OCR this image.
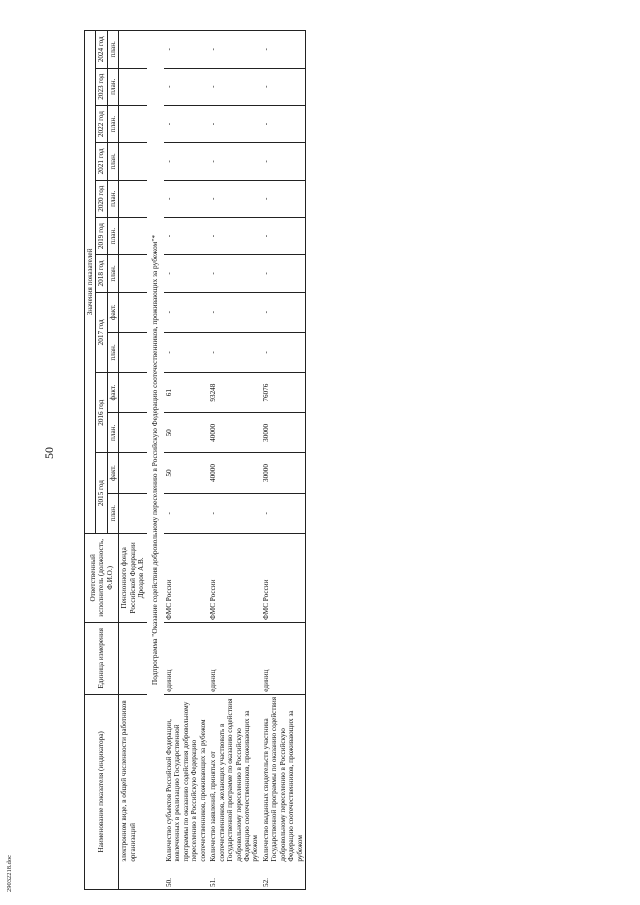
50
29032218.doc
Наименование показателя (индикатора)		Единица измерения	Ответственный исполнитель (должность, Ф.И.О.)	Значения показателей												
				2015 год		2016 год		2017 год		2018 год	2019 год	2020 год	2021 год	2022 год	2023 год	2024 год
				план.	факт.	план.	факт.	план.	факт.	план.	план.	план.	план.	план.	план.	план.
	электронном виде, в общей численности работников организаций		Пенсионного фонда Российской Федерации Дроздов А.В.													
Подпрограмма "Оказание содействия добровольному переселению в Российскую Федерацию соотечественников, проживающих за рубежом"*																
50.	Количество субъектов Российской Федерации, вовлеченных в реализацию Государственной программы по оказанию содействия добровольному переселению в Российскую Федерацию соотечественников, проживающих за рубежом	единиц	ФМС России	-	50	50	61	-	-	-	-	-	-	-	-	-
51.	Количество заявлений, принятых от соотечественников, желающих участвовать в Государственной программе по оказанию содействия добровольному переселению в Российскую Федерацию соотечественников, проживающих за рубежом	единиц	ФМС России	-	40000	40000	93248	-	-	-	-	-	-	-	-	-
52.	Количество выданных свидетельств участника Государственной программы по оказанию содействия добровольному переселению в Российскую Федерацию соотечественников, проживающих за рубежом	единиц	ФМС России	-	30000	30000	76076	-	-	-	-	-	-	-	-	-
